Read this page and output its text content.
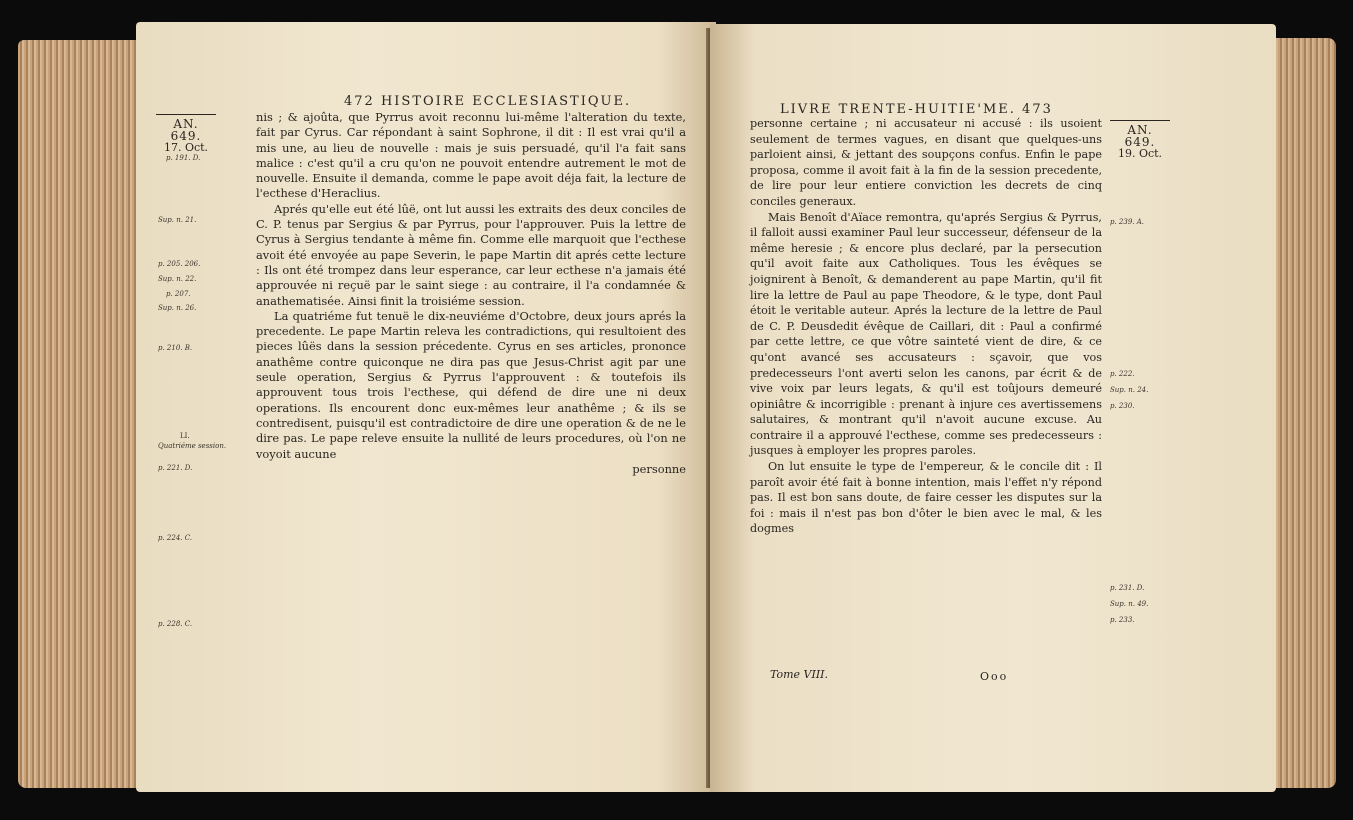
472 HISTOIRE ECCLESIASTIQUE.
AN. 649.
17. Oct.
p. 191. D.
Sup. n. 21.
p. 205. 206.
Sup. n. 22.
p. 207.
Sup. n. 26.
p. 210. B.
LI.
Quatriéme session.
p. 221. D.
p. 224. C.
p. 228. C.

nis ; & ajoûta, que Pyrrus avoit reconnu lui-même l'alteration du texte, fait par Cyrus. Car répondant à saint Sophrone, il dit : Il est vrai qu'il a mis une, au lieu de nouvelle : mais je suis persuadé, qu'il l'a fait sans malice : c'est qu'il a cru qu'on ne pouvoit entendre autrement le mot de nouvelle. Ensuite il demanda, comme le pape avoit déja fait, la lecture de l'ecthese d'Heraclius.

Aprés qu'elle eut été lûë, ont lut aussi les extraits des deux conciles de C. P. tenus par Sergius & par Pyrrus, pour l'approuver. Puis la lettre de Cyrus à Sergius tendante à même fin. Comme elle marquoit que l'ecthese avoit été envoyée au pape Severin, le pape Martin dit aprés cette lecture : Ils ont été trompez dans leur esperance, car leur ecthese n'a jamais été approuvée ni reçuë par le saint siege : au contraire, il l'a condamnée & anathematisée. Ainsi finit la troisiéme session.

La quatriéme fut tenuë le dix-neuviéme d'Octobre, deux jours aprés la precedente. Le pape Martin releva les contradictions, qui resultoient des pieces lûës dans la session précedente. Cyrus en ses articles, prononce anathême contre quiconque ne dira pas que Jesus-Christ agit par une seule operation, Sergius & Pyrrus l'approuvent : & toutefois ils approuvent tous trois l'ecthese, qui défend de dire une ni deux operations. Ils encourent donc eux-mêmes leur anathême ; & ils se contredisent, puisqu'il est contradictoire de dire une operation & de ne le dire pas. Le pape releve ensuite la nullité de leurs procedures, où l'on ne voyoit aucune

personne
LIVRE TRENTE-HUITIE'ME. 473
AN. 649.
19. Oct.
p. 239. A.
p. 222.
Sup. n. 24.
p. 230.
p. 231. D.
Sup. n. 49.
p. 233.

personne certaine ; ni accusateur ni accusé : ils usoient seulement de termes vagues, en disant que quelques-uns parloient ainsi, & jettant des soupçons confus. Enfin le pape proposa, comme il avoit fait à la fin de la session precedente, de lire pour leur entiere conviction les decrets de cinq conciles generaux.

Mais Benoît d'Aïace remontra, qu'aprés Sergius & Pyrrus, il falloit aussi examiner Paul leur successeur, défenseur de la même heresie ; & encore plus declaré, par la persecution qu'il avoit faite aux Catholiques. Tous les évêques se joignirent à Benoît, & demanderent au pape Martin, qu'il fit lire la lettre de Paul au pape Theodore, & le type, dont Paul étoit le veritable auteur. Aprés la lecture de la lettre de Paul de C. P. Deusdedit évêque de Caillari, dit : Paul a confirmé par cette lettre, ce que vôtre sainteté vient de dire, & ce qu'ont avancé ses accusateurs : sçavoir, que vos predecesseurs l'ont averti selon les canons, par écrit & de vive voix par leurs legats, & qu'il est toûjours demeuré opiniâtre & incorrigible : prenant à injure ces avertissemens salutaires, & montrant qu'il n'avoit aucune excuse. Au contraire il a approuvé l'ecthese, comme ses predecesseurs : jusques à employer les propres paroles.

On lut ensuite le type de l'empereur, & le concile dit : Il paroît avoir été fait à bonne intention, mais l'effet n'y répond pas. Il est bon sans doute, de faire cesser les disputes sur la foi : mais il n'est pas bon d'ôter le bien avec le mal, & les dogmes

Tome VIII.	Ooo
